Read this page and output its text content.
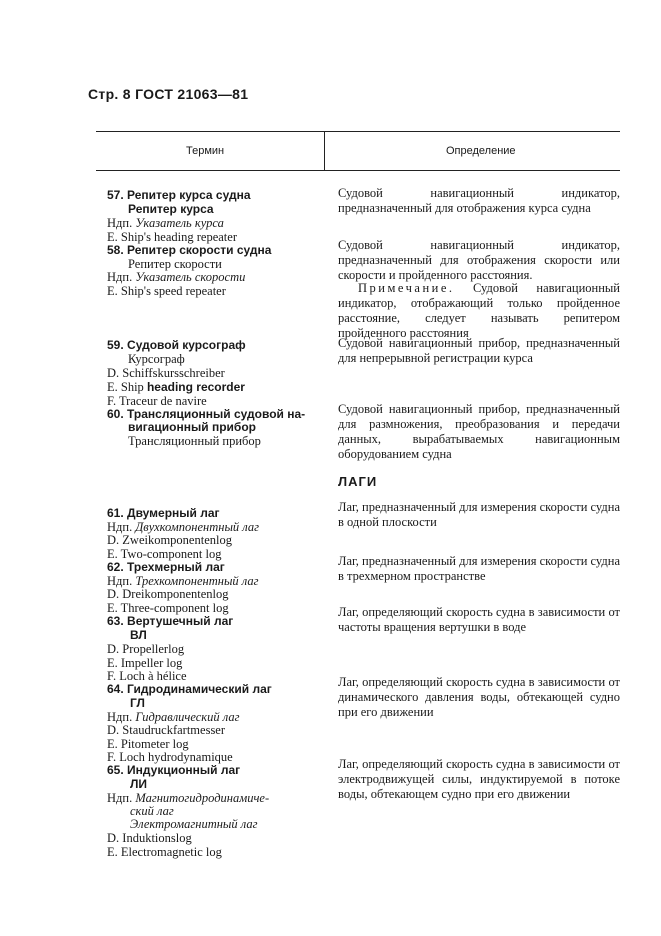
Стр. 8 ГОСТ 21063—81
Термин	Определение
57. Репитер курса судна
Репитер курса
Ндп. Указатель курса
E. Ship's heading repeater
58. Репитер скорости судна
Репитер скорости
Ндп. Указатель скорости
E. Ship's speed repeater
59. Судовой курсограф
Курсограф
D. Schiffskursschreiber
E. Ship heading recorder
F. Traceur de navire
60. Трансляционный судовой на-
вигационный прибор
Трансляционный прибор
61. Двумерный лаг
Ндп. Двухкомпонентный лаг
D. Zweikomponentenlog
E. Two-component log
62. Трехмерный лаг
Ндп. Трехкомпонентный лаг
D. Dreikomponentenlog
E. Three-component log
63. Вертушечный лаг
ВЛ
D. Propellerlog
E. Impeller log
F. Loch à hélice
64. Гидродинамический лаг
ГЛ
Ндп. Гидравлический лаг
D. Staudruckfartmesser
E. Pitometer log
F. Loch hydrodynamique
65. Индукционный лаг
ЛИ
Ндп. Магнитогидродинамиче-
ский лаг
Электромагнитный лаг
D. Induktionslog
E. Electromagnetic log
Судовой навигационный индикатор, предназначенный для отображения курса судна
Судовой навигационный индикатор, предназначенный для отображения скорости или скорости и пройденного расстояния.
Примечание. Судовой навигационный индикатор, отображающий только пройденное расстояние, следует называть репитером пройденного расстояния
Судовой навигационный прибор, предназначенный для непрерывной регистрации курса
Судовой навигационный прибор, предназначенный для размножения, преобразования и передачи данных, вырабатываемых навигационным оборудованием судна
ЛАГИ
Лаг, предназначенный для измерения скорости судна в одной плоскости
Лаг, предназначенный для измерения скорости судна в трехмерном пространстве
Лаг, определяющий скорость судна в зависимости от частоты вращения вертушки в воде
Лаг, определяющий скорость судна в зависимости от динамического давления воды, обтекающей судно при его движении
Лаг, определяющий скорость судна в зависимости от электродвижущей силы, индуктируемой в потоке воды, обтекающем судно при его движении
